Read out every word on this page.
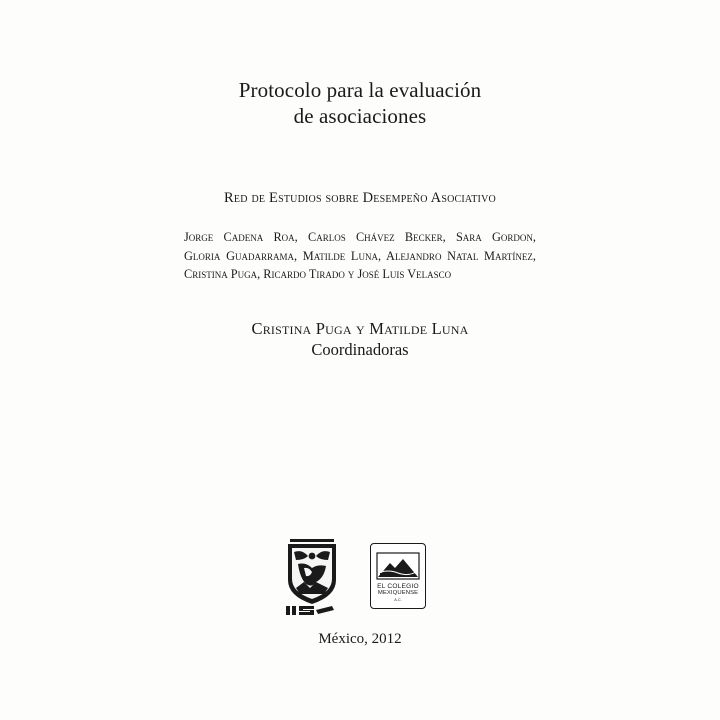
Protocolo para la evaluación
de asociaciones
Red de Estudios sobre Desempeño Asociativo
Jorge Cadena Roa, Carlos Chávez Becker, Sara Gordon,
Gloria Guadarrama, Matilde Luna, Alejandro Natal Martínez,
Cristina Puga, Ricardo Tirado y José Luis Velasco
Cristina Puga y Matilde Luna
Coordinadoras
EL COLEGIO
MEXIQUENSE
A.C.
México, 2012
